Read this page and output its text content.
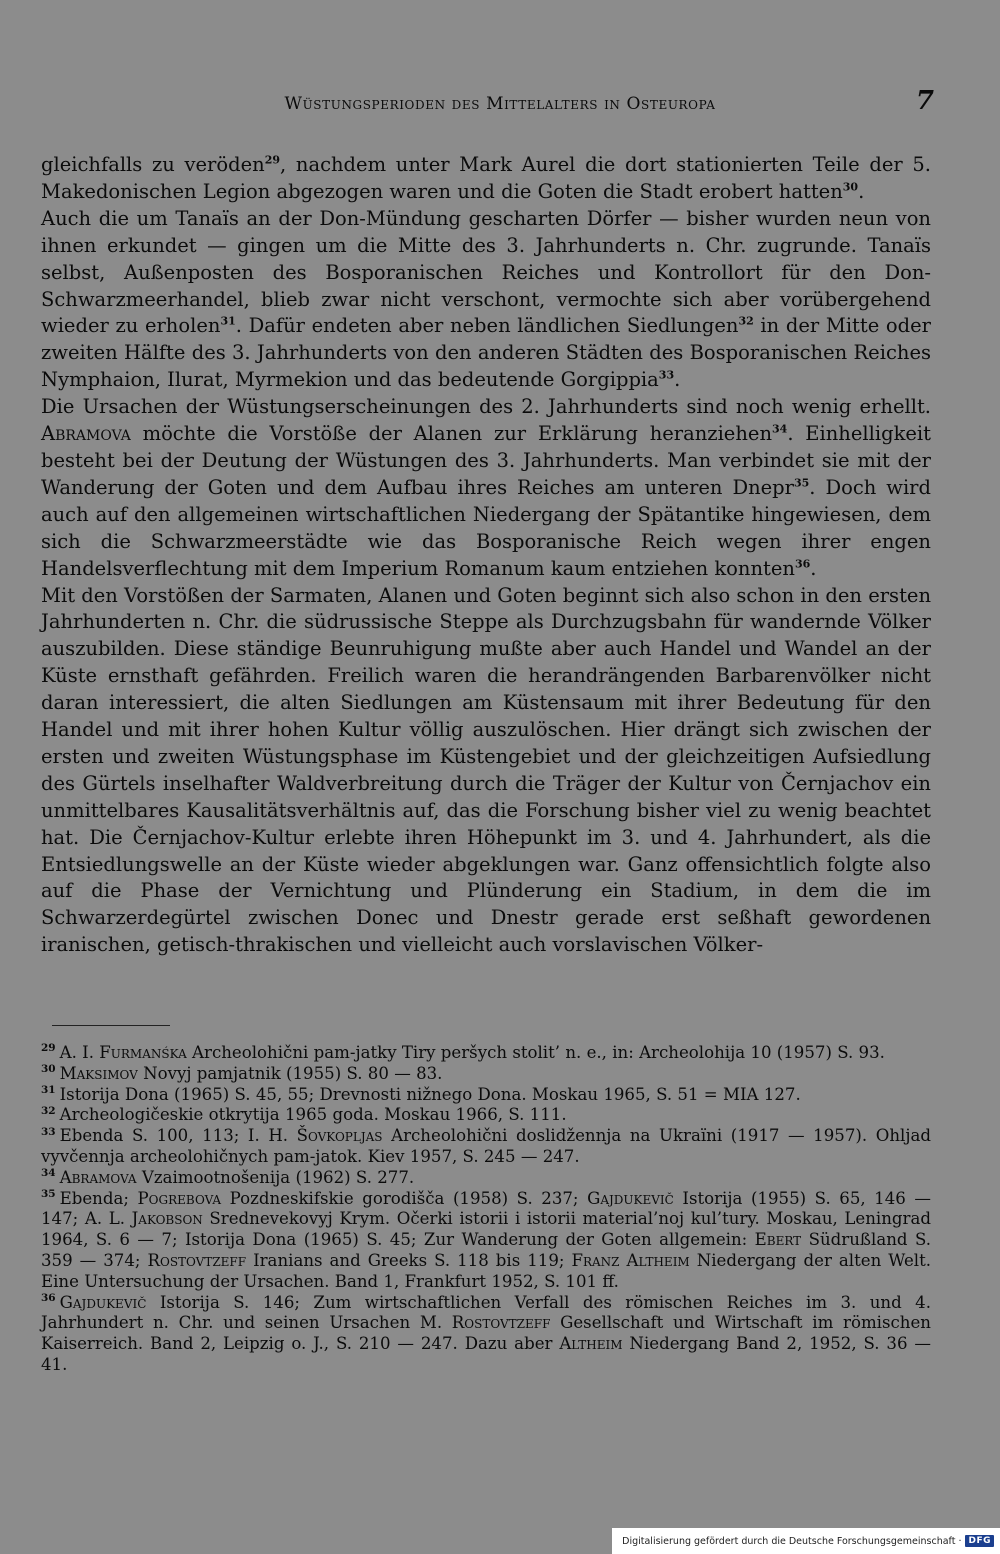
Wüstungsperioden des Mittelalters in Osteuropa	7

gleichfalls zu veröden$^{29}$, nachdem unter Mark Aurel die dort stationierten Teile der 5. Makedonischen Legion abgezogen waren und die Goten die Stadt erobert hatten$^{30}$.

Auch die um Tanaïs an der Don-Mündung gescharten Dörfer — bisher wurden neun von ihnen erkundet — gingen um die Mitte des 3. Jahrhunderts n. Chr. zugrunde. Tanaïs selbst, Außenposten des Bosporanischen Reiches und Kontrollort für den Don-Schwarzmeerhandel, blieb zwar nicht verschont, vermochte sich aber vorübergehend wieder zu erholen$^{31}$. Dafür endeten aber neben ländlichen Siedlungen$^{32}$ in der Mitte oder zweiten Hälfte des 3. Jahrhunderts von den anderen Städten des Bosporanischen Reiches Nymphaion, Ilurat, Myrmekion und das bedeutende Gorgippia$^{33}$.

Die Ursachen der Wüstungserscheinungen des 2. Jahrhunderts sind noch wenig erhellt. Abramova möchte die Vorstöße der Alanen zur Erklärung heranziehen$^{34}$. Einhelligkeit besteht bei der Deutung der Wüstungen des 3. Jahrhunderts. Man verbindet sie mit der Wanderung der Goten und dem Aufbau ihres Reiches am unteren Dnepr$^{35}$. Doch wird auch auf den allgemeinen wirtschaftlichen Niedergang der Spätantike hingewiesen, dem sich die Schwarzmeerstädte wie das Bosporanische Reich wegen ihrer engen Handelsverflechtung mit dem Imperium Romanum kaum entziehen konnten$^{36}$.

Mit den Vorstößen der Sarmaten, Alanen und Goten beginnt sich also schon in den ersten Jahrhunderten n. Chr. die südrussische Steppe als Durchzugsbahn für wandernde Völker auszubilden. Diese ständige Beunruhigung mußte aber auch Handel und Wandel an der Küste ernsthaft gefährden. Freilich waren die herandrängenden Barbarenvölker nicht daran interessiert, die alten Siedlungen am Küstensaum mit ihrer Bedeutung für den Handel und mit ihrer hohen Kultur völlig auszulöschen. Hier drängt sich zwischen der ersten und zweiten Wüstungsphase im Küstengebiet und der gleichzeitigen Aufsiedlung des Gürtels inselhafter Waldverbreitung durch die Träger der Kultur von Černjachov ein unmittelbares Kausalitätsverhältnis auf, das die Forschung bisher viel zu wenig beachtet hat. Die Černjachov-Kultur erlebte ihren Höhepunkt im 3. und 4. Jahrhundert, als die Entsiedlungswelle an der Küste wieder abgeklungen war. Ganz offensichtlich folgte also auf die Phase der Vernichtung und Plünderung ein Stadium, in dem die im Schwarzerdegürtel zwischen Donec und Dnestr gerade erst seßhaft gewordenen iranischen, getisch-thrakischen und vielleicht auch vorslavischen Völker-

$^{29}$ A. I. Furmanśka Archeolohični pam-jatky Tiry peršych stolit’ n. e., in: Archeolohija 10 (1957) S. 93.

$^{30}$ Maksimov Novyj pamjatnik (1955) S. 80 — 83.

$^{31}$ Istorija Dona (1965) S. 45, 55; Drevnosti nižnego Dona. Moskau 1965, S. 51 = MIA 127.

$^{32}$ Archeologičeskie otkrytija 1965 goda. Moskau 1966, S. 111.

$^{33}$ Ebenda S. 100, 113; I. H. Šovkopljas Archeolohični doslidžennja na Ukraïni (1917 — 1957). Ohljad vyvčennja archeolohičnych pam-jatok. Kiev 1957, S. 245 — 247.

$^{34}$ Abramova Vzaimootnošenija (1962) S. 277.

$^{35}$ Ebenda; Pogrebova Pozdneskifskie gorodišča (1958) S. 237; Gajdukevič Istorija (1955) S. 65, 146 — 147; A. L. Jakobson Srednevekovyj Krym. Očerki istorii i istorii material’noj kul’tury. Moskau, Leningrad 1964, S. 6 — 7; Istorija Dona (1965) S. 45; Zur Wanderung der Goten allgemein: Ebert Südrußland S. 359 — 374; Rostovtzeff Iranians and Greeks S. 118 bis 119; Franz Altheim Niedergang der alten Welt. Eine Untersuchung der Ursachen. Band 1, Frankfurt 1952, S. 101 ff.

$^{36}$ Gajdukevič Istorija S. 146; Zum wirtschaftlichen Verfall des römischen Reiches im 3. und 4. Jahrhundert n. Chr. und seinen Ursachen M. Rostovtzeff Gesellschaft und Wirtschaft im römischen Kaiserreich. Band 2, Leipzig o. J., S. 210 — 247. Dazu aber Altheim Niedergang Band 2, 1952, S. 36 — 41.

Digitalisierung gefördert durch die Deutsche Forschungsgemeinschaft · DFG
